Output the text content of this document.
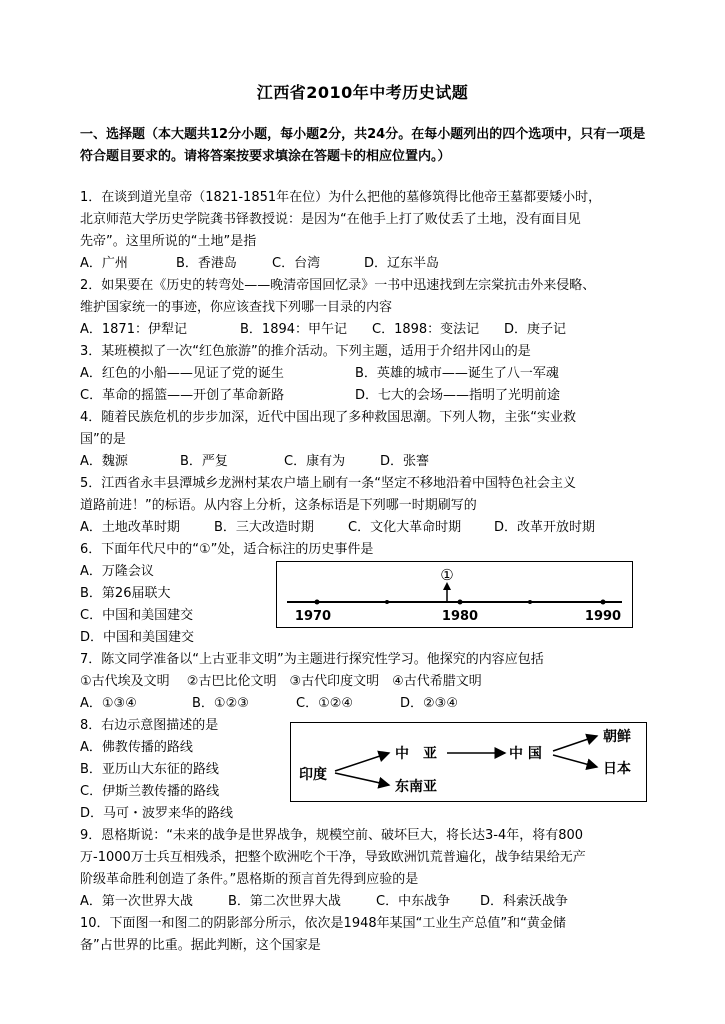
江西省2010年中考历史试题
一、选择题（本大题共12分小题，每小题2分，共24分。在每小题列出的四个选项中，只有一项是符合题目要求的。请将答案按要求填涂在答题卡的相应位置内。）
1．在谈到道光皇帝（1821-1851年在位）为什么把他的墓修筑得比他帝王墓都要矮小时，
北京师范大学历史学院龚书铎教授说：是因为“在他手上打了败仗丢了土地，没有面目见
先帝”。这里所说的“土地”是指
A．广州	B．香港岛	C．台湾	D．辽东半岛
2．如果要在《历史的转弯处——晚清帝国回忆录》一书中迅速找到左宗棠抗击外来侵略、
维护国家统一的事迹，你应该查找下列哪一目录的内容
A．1871：伊犁记	B．1894：甲午记 C．1898：变法记 D．庚子记
3．某班模拟了一次“红色旅游”的推介活动。下列主题，适用于介绍井冈山的是
A．红色的小船——见证了党的诞生	B．英雄的城市——诞生了八一军魂
C．革命的摇篮——开创了革命新路	D．七大的会场——指明了光明前途
4．随着民族危机的步步加深，近代中国出现了多种救国思潮。下列人物，主张“实业救
国”的是
A．魏源	B．严复	C．康有为	D．张謇
5．江西省永丰县潭城乡龙洲村某农户墙上刷有一条“坚定不移地沿着中国特色社会主义
道路前进！”的标语。从内容上分析，这条标语是下列哪一时期刷写的
A．土地改革时期	B．三大改造时期	C．文化大革命时期	D．改革开放时期
6．下面年代尺中的“①”处，适合标注的历史事件是
A．万隆会议
B．第26届联大
C．中国和美国建交
D．中国和美国建交
①
1970	1980	1990
7．陈文同学准备以“上古亚非文明”为主题进行探究性学习。他探究的内容应包括
①古代埃及文明　 ②古巴比伦文明　③古代印度文明　④古代希腊文明
A．①③④	B．①②③	C．①②④	D．②③④
8．右边示意图描述的是
A．佛教传播的路线
B．亚历山大东征的路线
C．伊斯兰教传播的路线
D．马可・波罗来华的路线
印度
中　亚
东南亚
中 国
朝鲜
日本
9．恩格斯说：“未来的战争是世界战争，规模空前、破坏巨大，将长达3-4年，将有800
万-1000万士兵互相残杀，把整个欧洲吃个干净，导致欧洲饥荒普遍化，战争结果给无产
阶级革命胜利创造了条件。”恩格斯的预言首先得到应验的是
A．第一次世界大战	B．第二次世界大战	C．中东战争 D．科索沃战争
10．下面图一和图二的阴影部分所示，依次是1948年某国“工业生产总值”和“黄金储
备”占世界的比重。据此判断，这个国家是
